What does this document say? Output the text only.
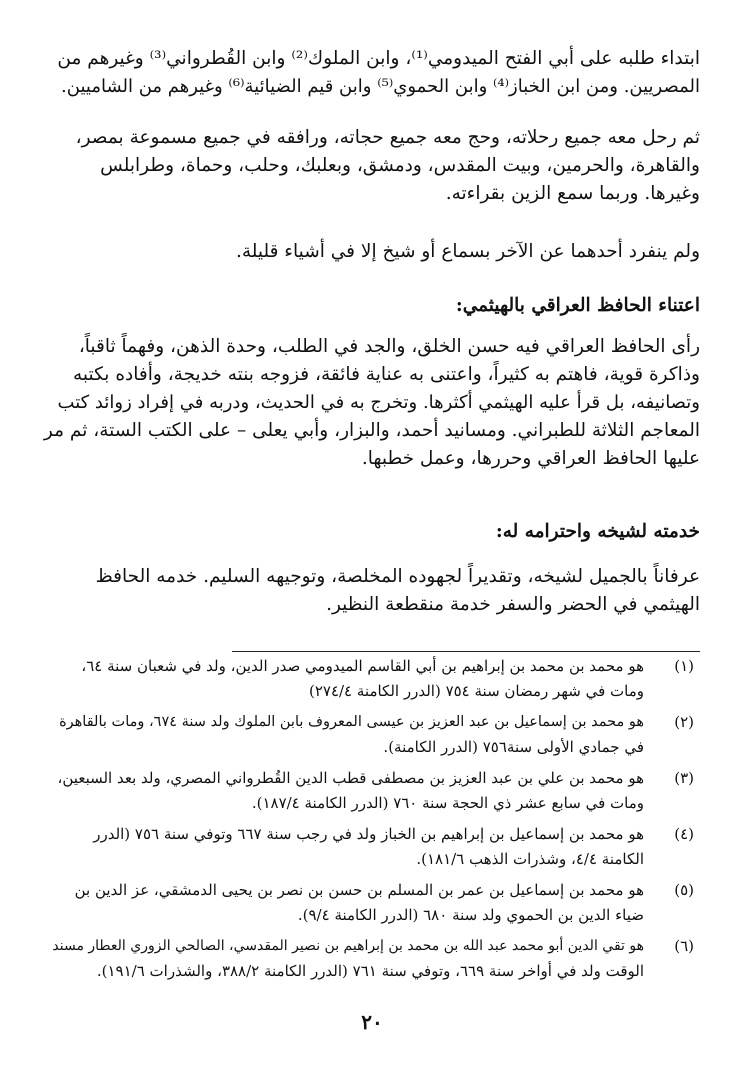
ابتداء طلبه على أبي الفتح الميدومي⁽¹⁾، وابن الملوك⁽²⁾ وابن القُطرواني⁽³⁾ وغيرهم من
المصريين. ومن ابن الخباز⁽⁴⁾ وابن الحموي⁽⁵⁾ وابن قيم الضيائية⁽⁶⁾ وغيرهم من الشاميين.
ثم رحل معه جميع رحلاته، وحج معه جميع حجاته، ورافقه في جميع مسموعة بمصر،
والقاهرة، والحرمين، وبيت المقدس، ودمشق، وبعلبك، وحلب، وحماة، وطرابلس
وغيرها. وربما سمع الزين بقراءته.
ولم ينفرد أحدهما عن الآخر بسماع أو شيخ إلا في أشياء قليلة.
اعتناء الحافظ العراقي بالهيثمي:
رأى الحافظ العراقي فيه حسن الخلق، والجد في الطلب، وحدة الذهن، وفهماً ثاقباً،
وذاكرة قوية، فاهتم به كثيراً، واعتنى به عناية فائقة، فزوجه بنته خديجة، وأفاده بكتبه
وتصانيفه، بل قرأ عليه الهيثمي أكثرها. وتخرج به في الحديث، ودربه في إفراد زوائد كتب
المعاجم الثلاثة للطبراني. ومسانيد أحمد، والبزار، وأبي يعلى – على الكتب الستة، ثم مر
عليها الحافظ العراقي وحررها، وعمل خطبها.
خدمته لشيخه واحترامه له:
عرفاناً بالجميل لشيخه، وتقديراً لجهوده المخلصة، وتوجيهه السليم. خدمه الحافظ
الهيثمي في الحضر والسفر خدمة منقطعة النظير.
(١)
هو محمد بن محمد بن إبراهيم بن أبي القاسم الميدومي صدر الدين، ولد في شعبان سنة ٦٤،
ومات في شهر رمضان سنة ٧٥٤ (الدرر الكامنة ٢٧٤/٤)
(٢)
هو محمد بن إسماعيل بن عبد العزيز بن عيسى المعروف بابن الملوك ولد سنة ٦٧٤، ومات بالقاهرة
في جمادي الأولى سنة٧٥٦ (الدرر الكامنة).
(٣)
هو محمد بن علي بن عبد العزيز بن مصطفى قطب الدين القُطرواني المصري، ولد بعد السبعين،
ومات في سابع عشر ذي الحجة سنة ٧٦٠ (الدرر الكامنة ١٨٧/٤).
(٤)
هو محمد بن إسماعيل بن إبراهيم بن الخباز ولد في رجب سنة ٦٦٧ وتوفي سنة ٧٥٦ (الدرر
الكامنة ٤/٤، وشذرات الذهب ١٨١/٦).
(٥)
هو محمد بن إسماعيل بن عمر بن المسلم بن حسن بن نصر بن يحيى الدمشقي، عز الدين بن
ضياء الدين بن الحموي ولد سنة ٦٨٠ (الدرر الكامنة ٩/٤).
(٦)
هو تقي الدين أبو محمد عبد الله بن محمد بن إبراهيم بن نصير المقدسي، الصالحي الزوري العطار مسند
الوقت ولد في أواخر سنة ٦٦٩، وتوفي سنة ٧٦١ (الدرر الكامنة ٣٨٨/٢، والشذرات ١٩١/٦).
٢٠
